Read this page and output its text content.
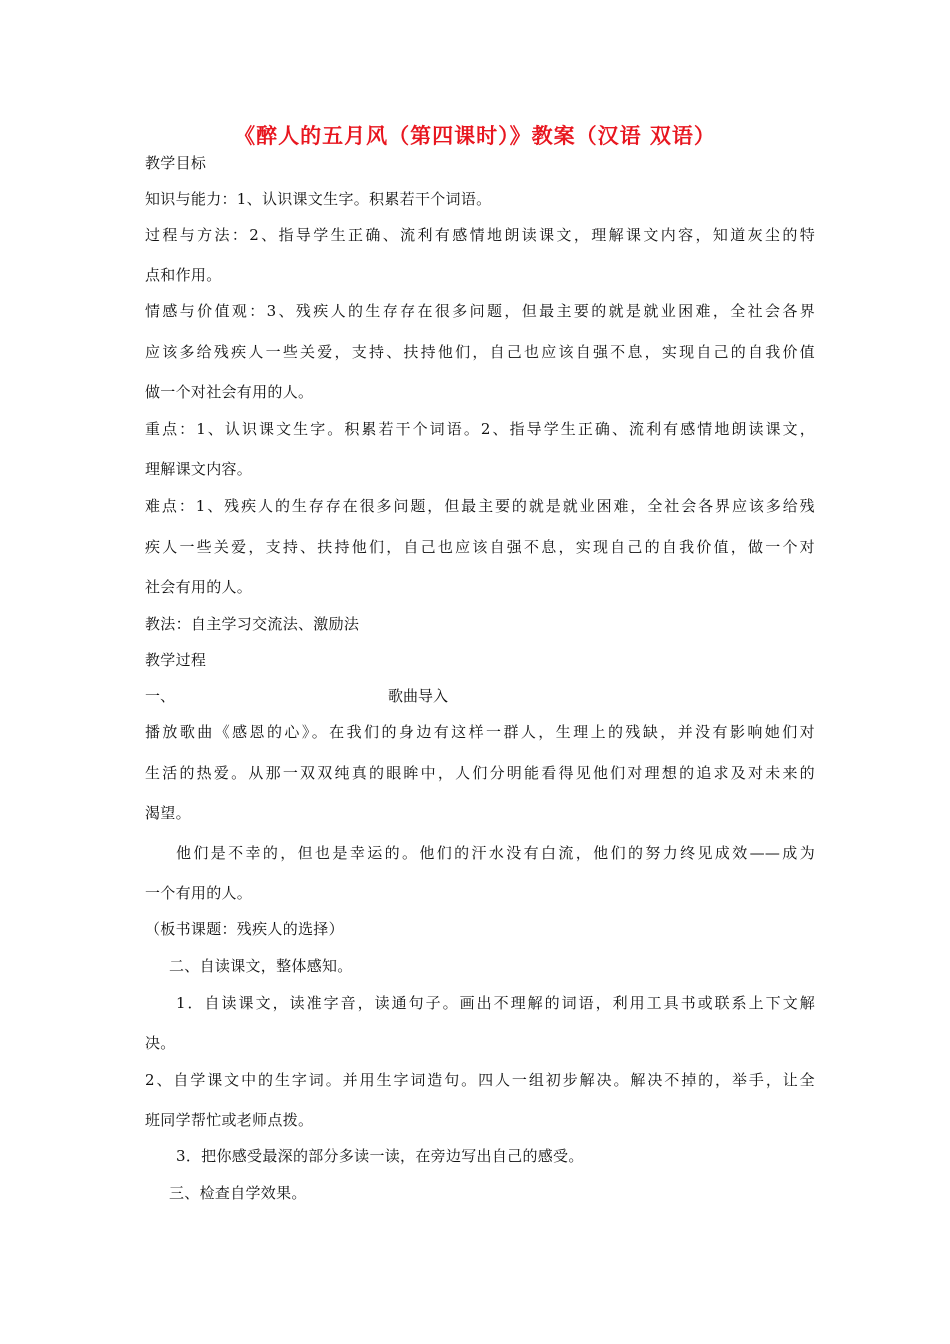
《醉人的五月风（第四课时）》教案（汉语 双语）
教学目标
知识与能力：1、认识课文生字。积累若干个词语。
过程与方法：2、指导学生正确、流利有感情地朗读课文，理解课文内容，知道灰尘的特
点和作用。
情感与价值观：3、残疾人的生存存在很多问题，但最主要的就是就业困难，全社会各界
应该多给残疾人一些关爱，支持、扶持他们，自己也应该自强不息，实现自己的自我价值
做一个对社会有用的人。
重点：1、认识课文生字。积累若干个词语。2、指导学生正确、流利有感情地朗读课文，
理解课文内容。
难点：1、残疾人的生存存在很多问题，但最主要的就是就业困难，全社会各界应该多给残
疾人一些关爱，支持、扶持他们，自己也应该自强不息，实现自己的自我价值，做一个对
社会有用的人。
教法：自主学习交流法、激励法
教学过程
一、	歌曲导入
播放歌曲《感恩的心》。在我们的身边有这样一群人，生理上的残缺，并没有影响她们对
生活的热爱。从那一双双纯真的眼眸中，人们分明能看得见他们对理想的追求及对未来的
渴望。
他们是不幸的，但也是幸运的。他们的汗水没有白流，他们的努力终见成效——成为
一个有用的人。
（板书课题：残疾人的选择）
二、自读课文，整体感知。
1．自读课文，读准字音，读通句子。画出不理解的词语，利用工具书或联系上下文解
决。
2、自学课文中的生字词。并用生字词造句。四人一组初步解决。解决不掉的，举手，让全
班同学帮忙或老师点拨。
3．把你感受最深的部分多读一读，在旁边写出自己的感受。
三、检查自学效果。
